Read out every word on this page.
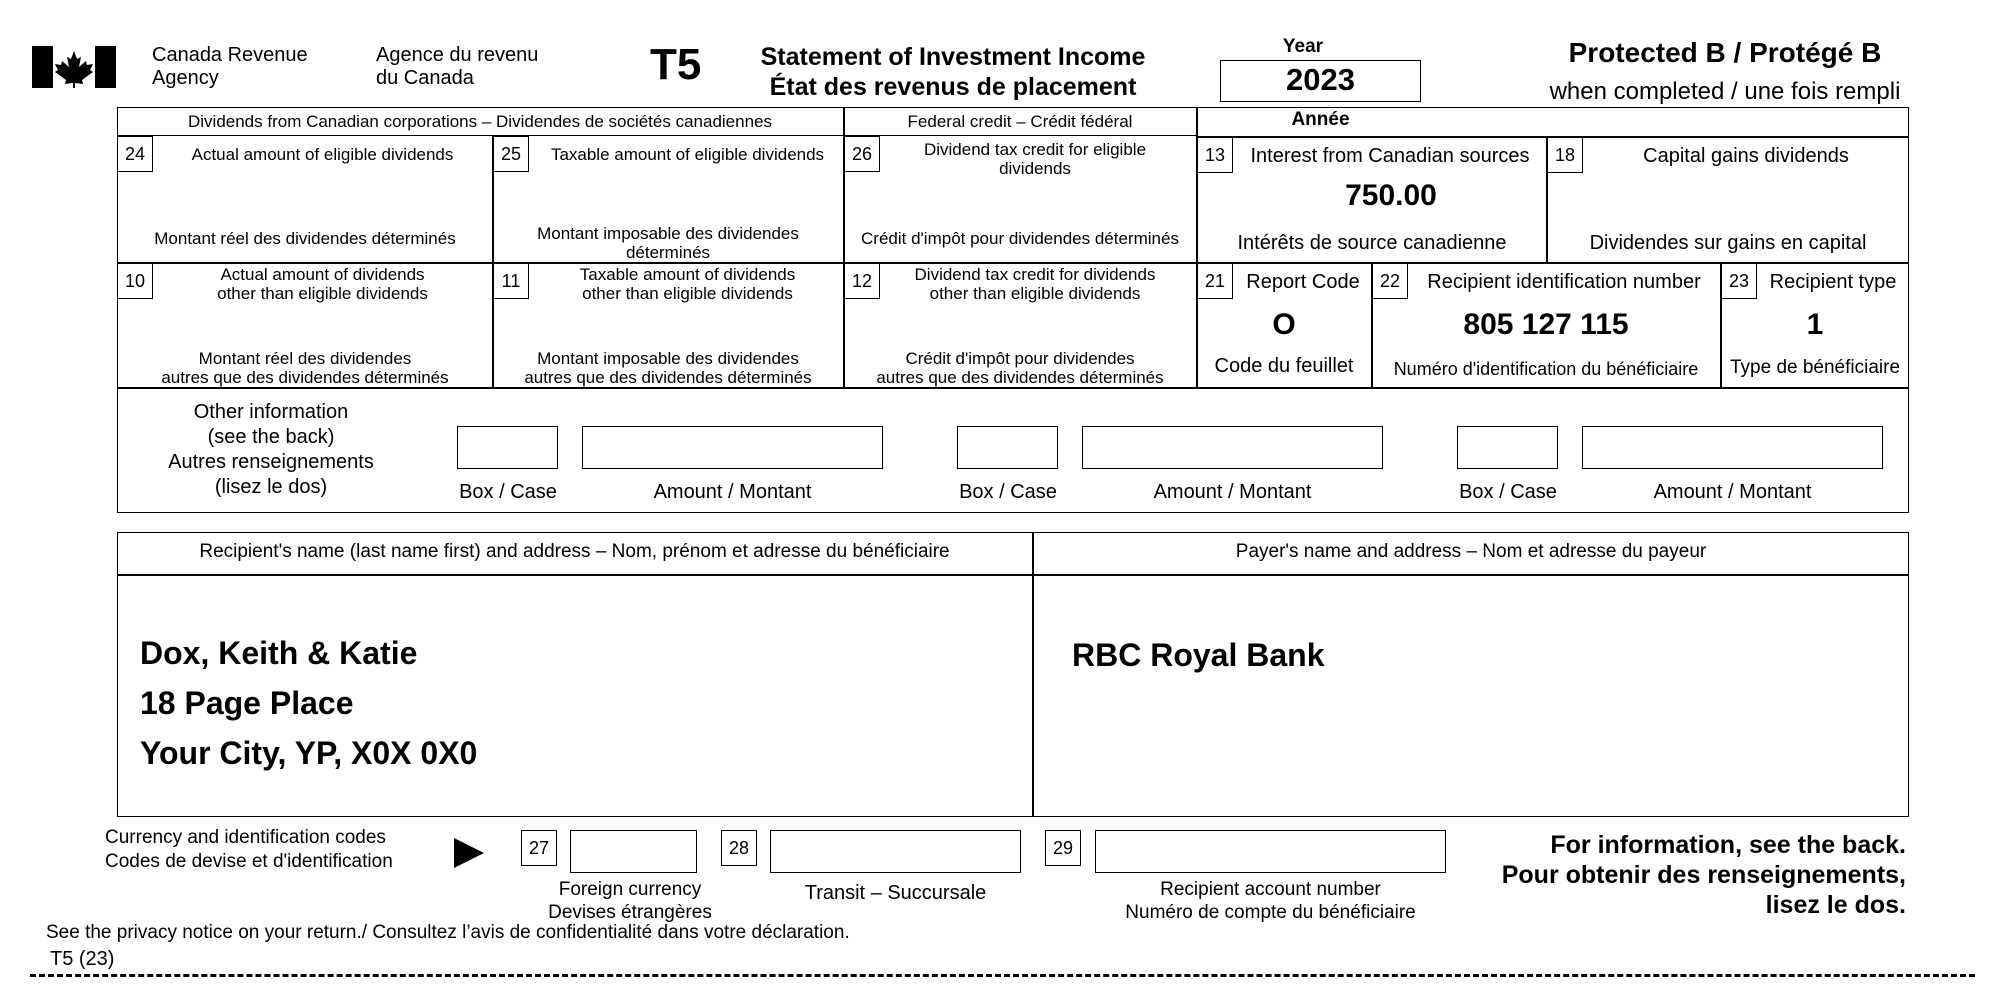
Canada Revenue
Agency
Agence du revenu
du Canada	T5	Statement of Investment Income
État des revenus de placement
Year
2023
Année
Protected B / Protégé B
when completed / une fois rempli
Dividends from Canadian corporations – Dividendes de sociétés canadiennes	Federal credit – Crédit fédéral
24	Actual amount of eligible dividends
Montant réel des dividendes déterminés
25	Taxable amount of eligible dividends
Montant imposable des dividendes
déterminés
26	Dividend tax credit for eligible
dividends
Crédit d'impôt pour dividendes déterminés
13	Interest from Canadian sources
750.00
Intérêts de source canadienne
18	Capital gains dividends
Dividendes sur gains en capital
10	Actual amount of dividends
other than eligible dividends
Montant réel des dividendes
autres que des dividendes déterminés
11	Taxable amount of dividends
other than eligible dividends
Montant imposable des dividendes
autres que des dividendes déterminés
12	Dividend tax credit for dividends
other than eligible dividends
Crédit d'impôt pour dividendes
autres que des dividendes déterminés
21	Report Code
O
Code du feuillet
22	Recipient identification number
805 127 115
Numéro d'identification du bénéficiaire
23	Recipient type
1
Type de bénéficiaire
Other information
(see the back)
Autres renseignements
(lisez le dos)	Box / Case	Amount / Montant	Box / Case	Amount / Montant	Box / Case	Amount / Montant
Recipient's name (last name first) and address – Nom, prénom et adresse du bénéficiaire	Payer's name and address – Nom et adresse du payeur
Dox, Keith & Katie
18 Page Place
Your City, YP, X0X 0X0
RBC Royal Bank
Currency and identification codes
Codes de devise et d'identification
27
Foreign currency
Devises étrangères
28
Transit – Succursale
29
Recipient account number
Numéro de compte du bénéficiaire
For information, see the back.
Pour obtenir des renseignements,
lisez le dos.
See the privacy notice on your return./ Consultez l’avis de confidentialité dans votre déclaration.
T5 (23)
